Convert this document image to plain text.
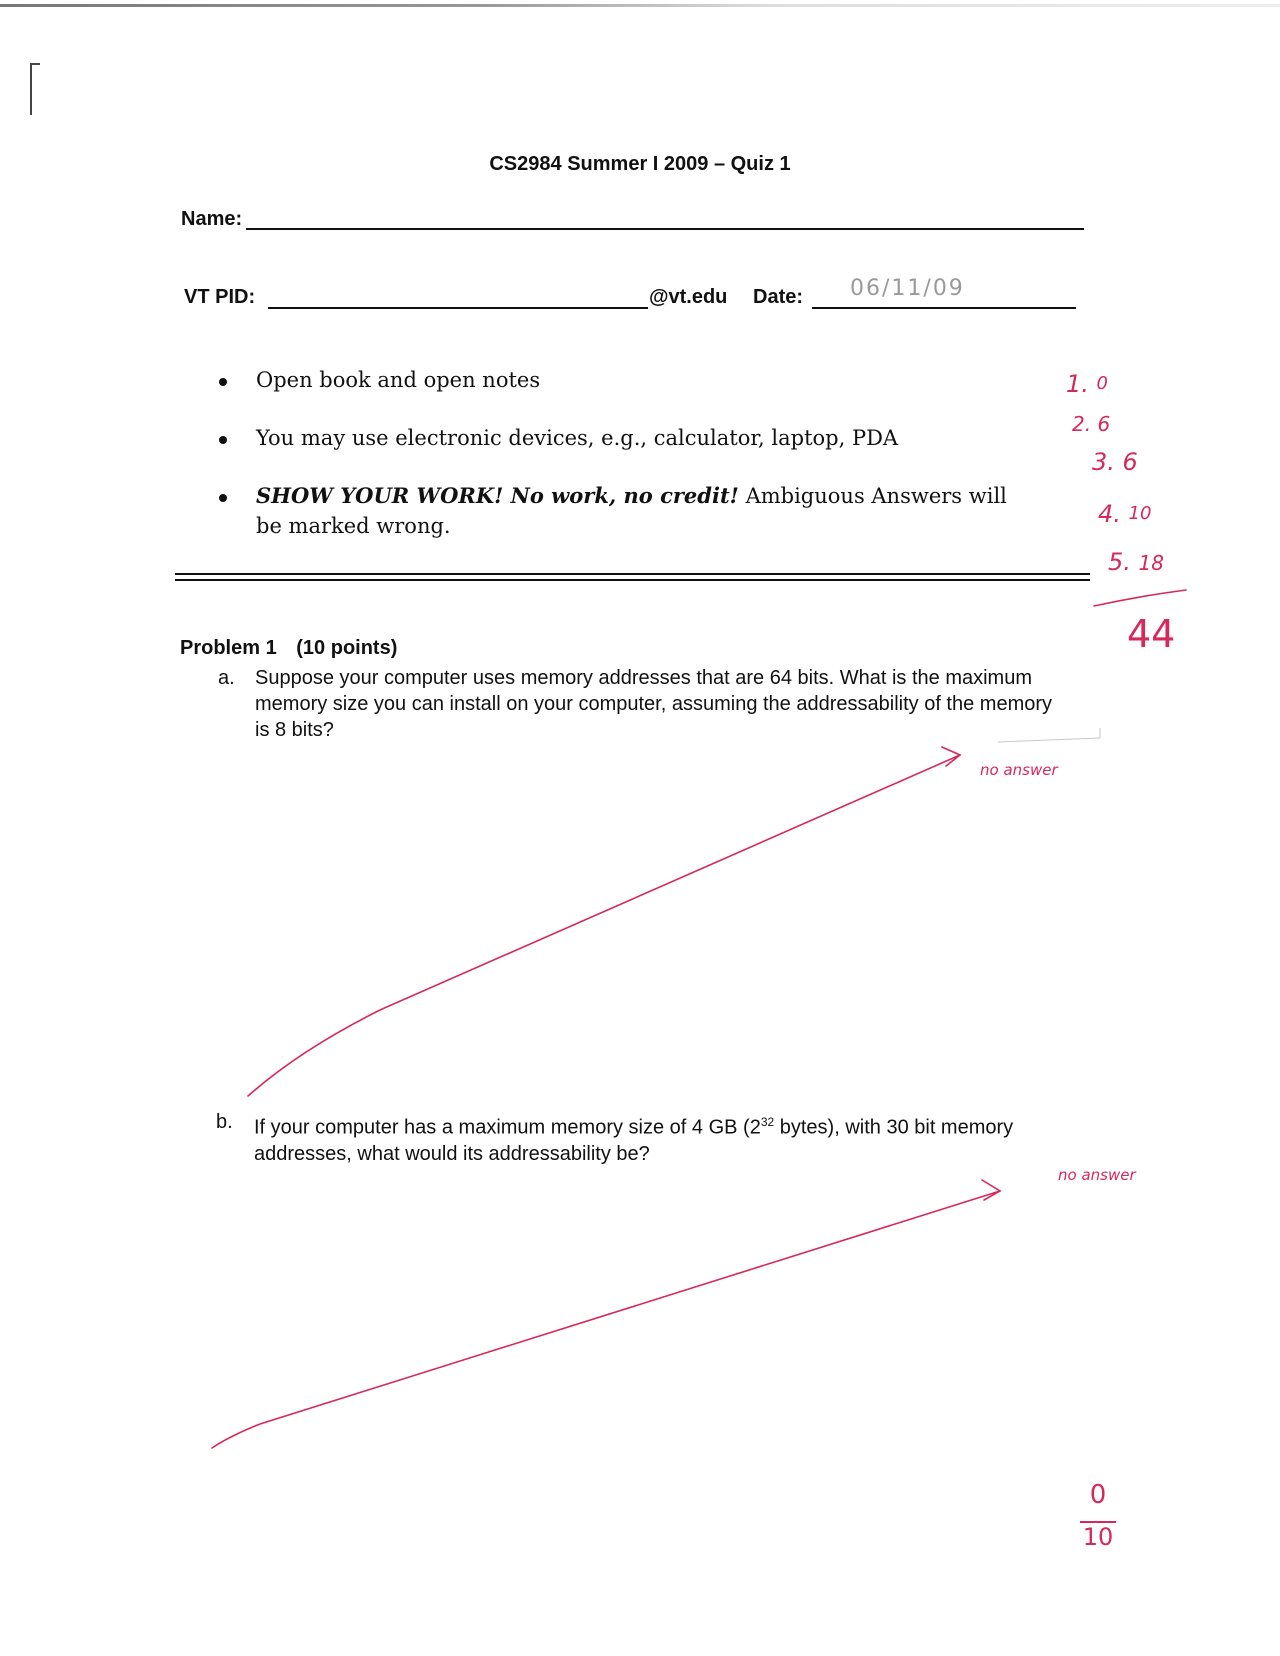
CS2984 Summer I 2009 – Quiz 1
Name:
VT PID:	@vt.edu Date: 06/11/09
Open book and open notes
You may use electronic devices, e.g., calculator, laptop, PDA
SHOW YOUR WORK! No work, no credit! Ambiguous Answers will be marked wrong.
Problem 1 (10 points)
a. Suppose your computer uses memory addresses that are 64 bits. What is the maximum memory size you can install on your computer, assuming the addressability of the memory is 8 bits?
b. If your computer has a maximum memory size of 4 GB ($2^{32}$ bytes), with 30 bit memory addresses, what would its addressability be?
1. $^0$
2. 6
3. 6
4. $^{10}$
5. 18
44
no answer
no answer
0
10
